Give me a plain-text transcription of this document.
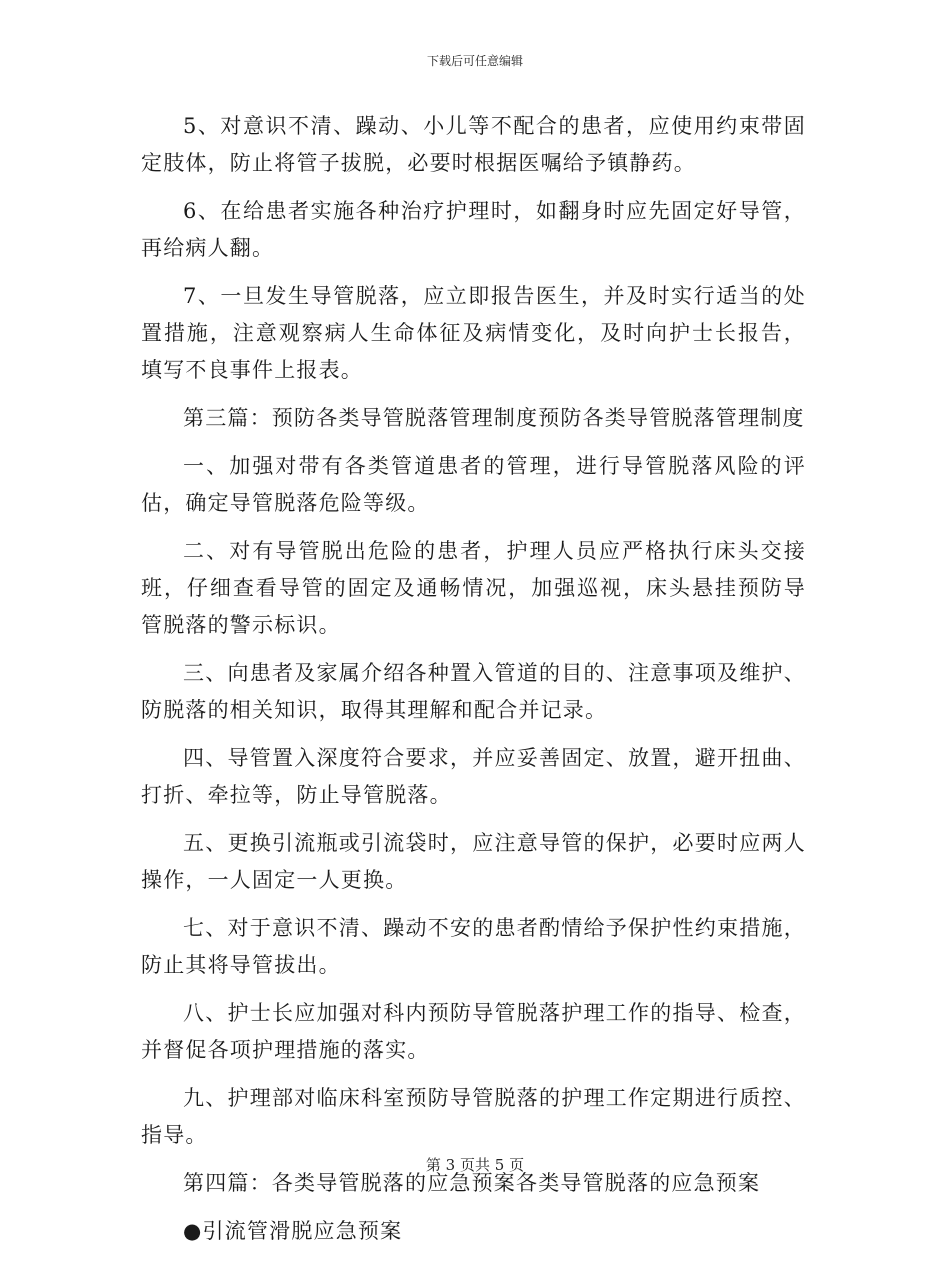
下载后可任意编辑

5、对意识不清、躁动、小儿等不配合的患者，应使用约束带固定肢体，防止将管子拔脱，必要时根据医嘱给予镇静药。

6、在给患者实施各种治疗护理时，如翻身时应先固定好导管，再给病人翻。

7、一旦发生导管脱落，应立即报告医生，并及时实行适当的处置措施，注意观察病人生命体征及病情变化，及时向护士长报告，填写不良事件上报表。

第三篇：预防各类导管脱落管理制度预防各类导管脱落管理制度

一、加强对带有各类管道患者的管理，进行导管脱落风险的评估，确定导管脱落危险等级。

二、对有导管脱出危险的患者，护理人员应严格执行床头交接班，仔细查看导管的固定及通畅情况，加强巡视，床头悬挂预防导管脱落的警示标识。

三、向患者及家属介绍各种置入管道的目的、注意事项及维护、防脱落的相关知识，取得其理解和配合并记录。

四、导管置入深度符合要求，并应妥善固定、放置，避开扭曲、打折、牵拉等，防止导管脱落。

五、更换引流瓶或引流袋时，应注意导管的保护，必要时应两人操作，一人固定一人更换。

七、对于意识不清、躁动不安的患者酌情给予保护性约束措施，防止其将导管拔出。

八、护士长应加强对科内预防导管脱落护理工作的指导、检查，并督促各项护理措施的落实。

九、护理部对临床科室预防导管脱落的护理工作定期进行质控、指导。

第四篇：各类导管脱落的应急预案各类导管脱落的应急预案

●引流管滑脱应急预案

第 3 页共 5 页
